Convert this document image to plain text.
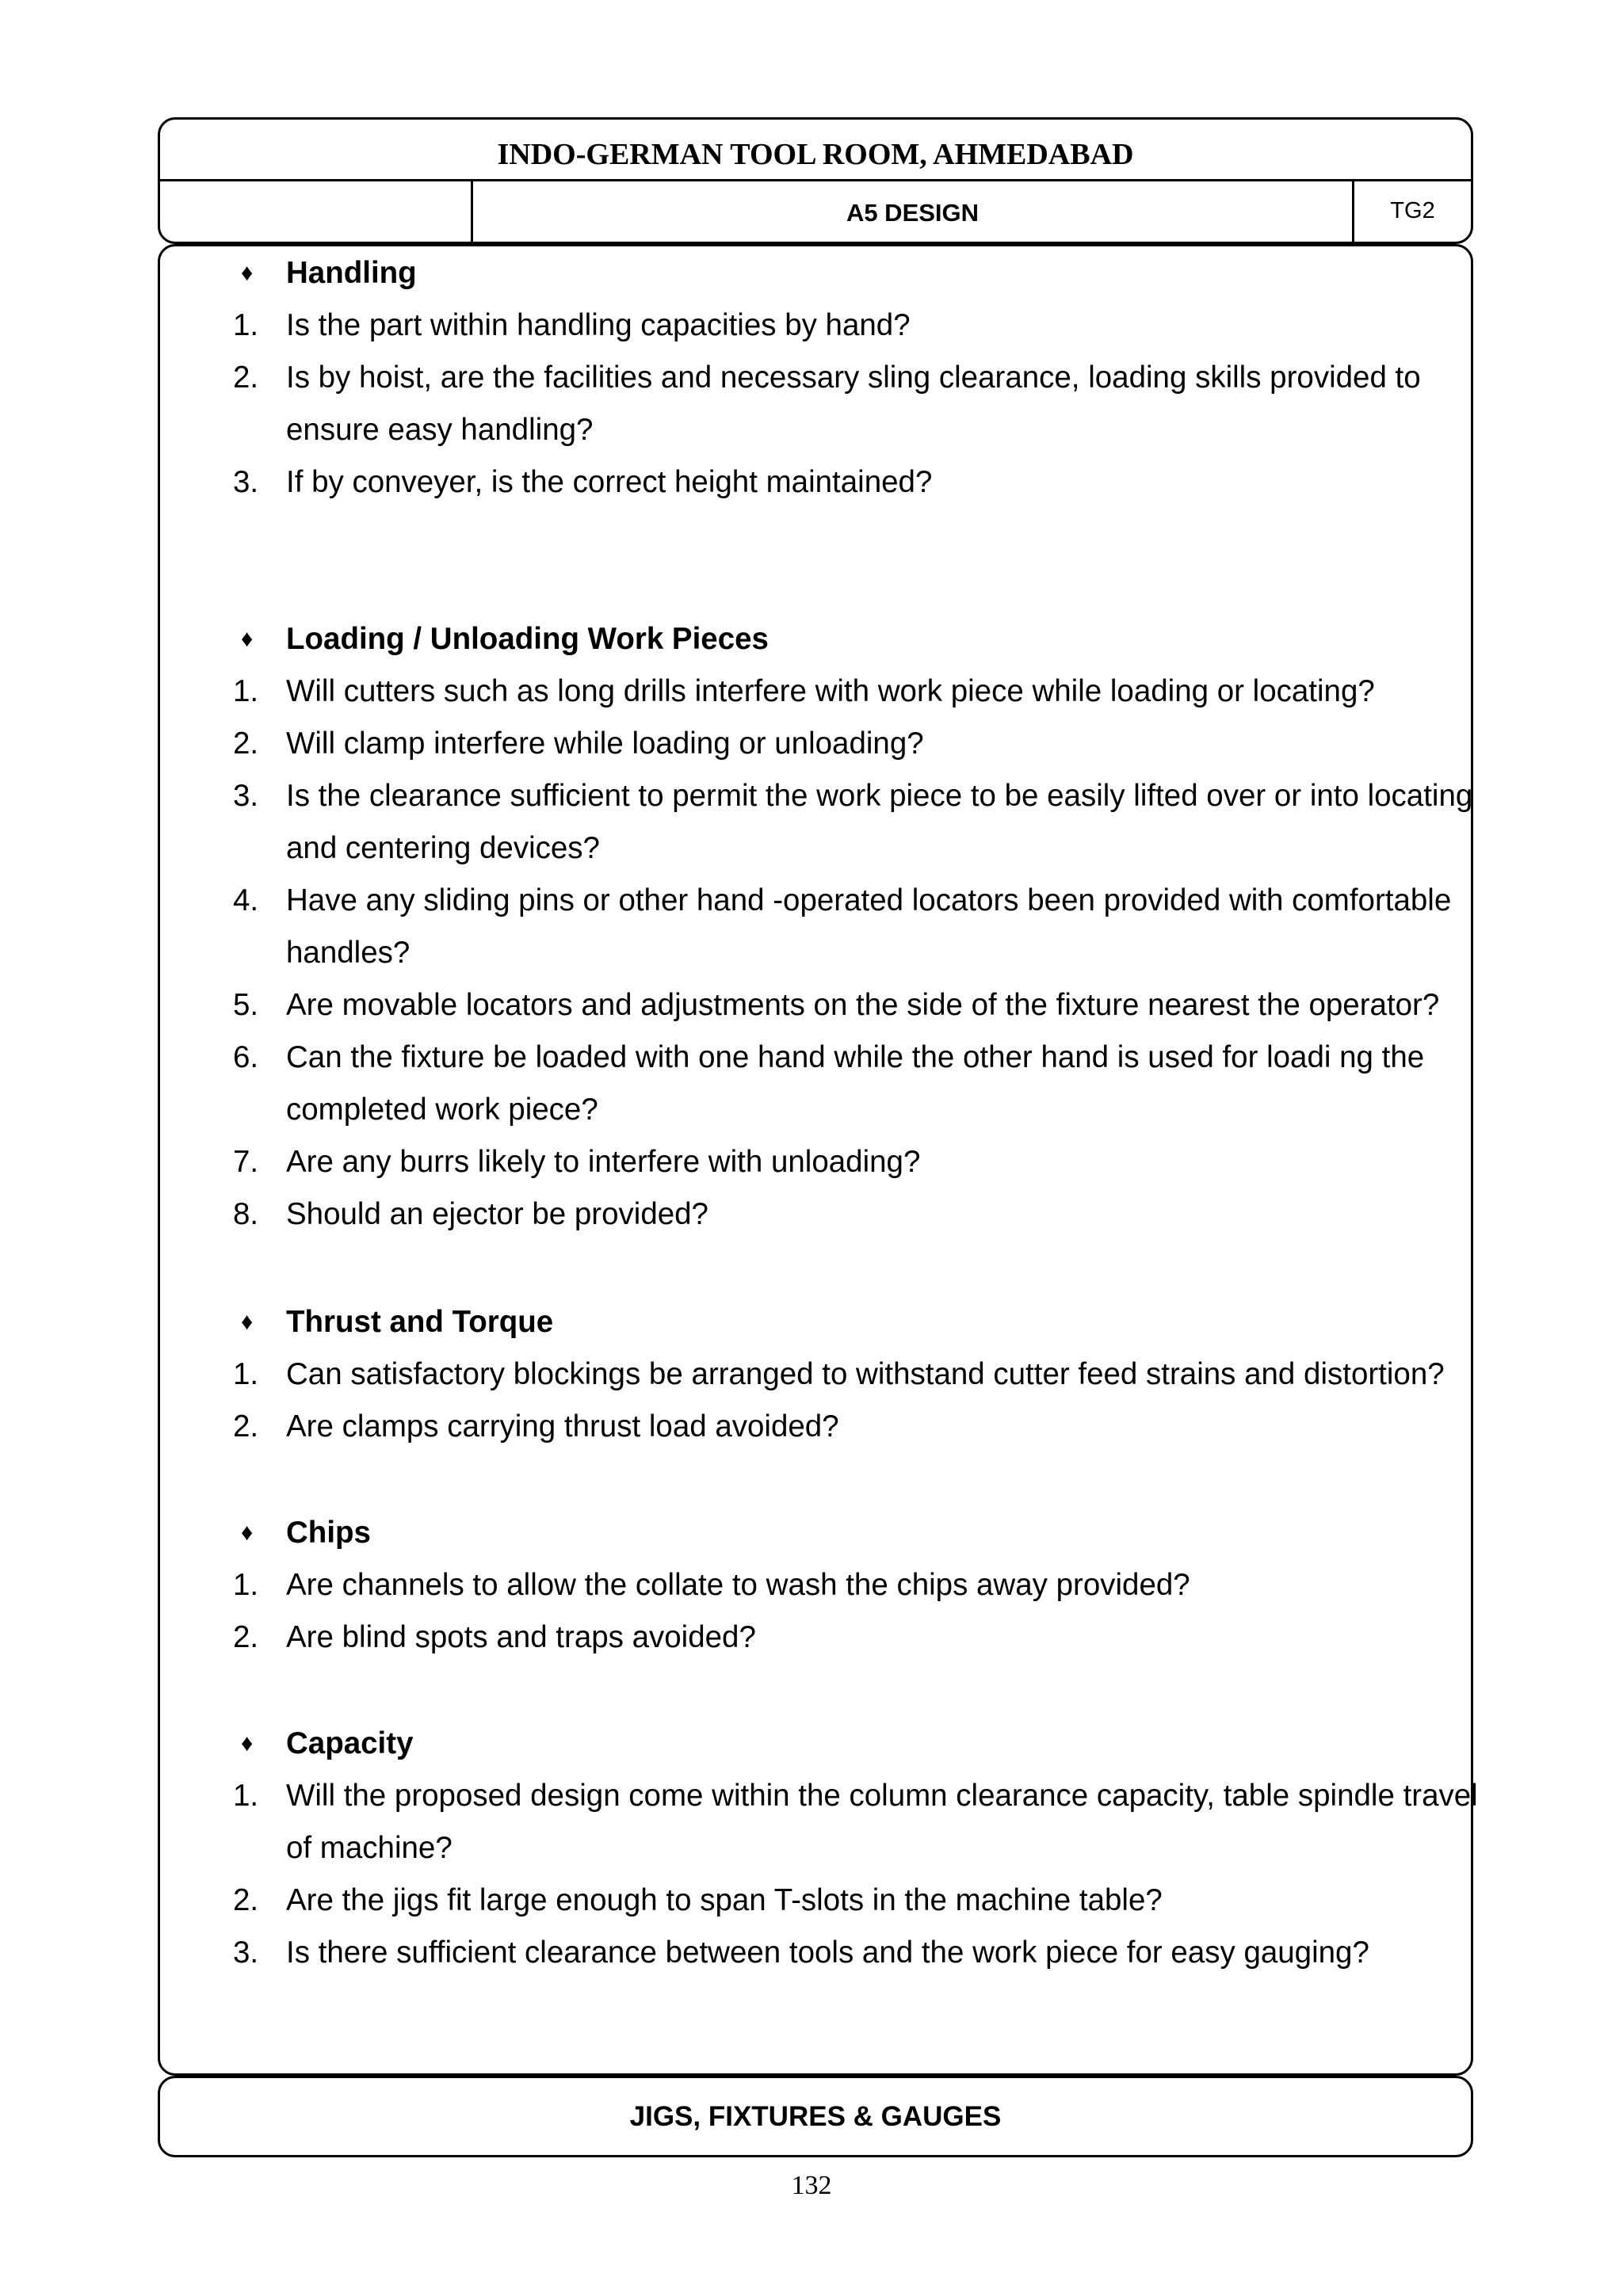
INDO-GERMAN TOOL ROOM, AHMEDABAD
A5 DESIGN	TG2
♦ Handling
1. Is the part within handling capacities by hand?
2. Is by hoist, are the facilities and necessary sling clearance, loading skills provided to
ensure easy handling?
3. If by conveyer, is the correct height maintained?
♦ Loading / Unloading Work Pieces
1. Will cutters such as long drills interfere with work piece while loading or locating?
2. Will clamp interfere while loading or unloading?
3. Is the clearance sufficient to permit the work piece to be easily lifted over or into locating
and centering devices?
4. Have any sliding pins or other hand -operated locators been provided with comfortable
handles?
5. Are movable locators and adjustments on the side of the fixture nearest the operator?
6. Can the fixture be loaded with one hand while the other hand is used for loadi ng the
completed work piece?
7. Are any burrs likely to interfere with unloading?
8. Should an ejector be provided?
♦ Thrust and Torque
1. Can satisfactory blockings be arranged to withstand cutter feed strains and distortion?
2. Are clamps carrying thrust load avoided?
♦ Chips
1. Are channels to allow the collate to wash the chips away provided?
2. Are blind spots and traps avoided?
♦ Capacity
1. Will the proposed design come within the column clearance capacity, table spindle travel
of machine?
2. Are the jigs fit large enough to span T-slots in the machine table?
3. Is there sufficient clearance between tools and the work piece for easy gauging?
JIGS, FIXTURES & GAUGES
132
